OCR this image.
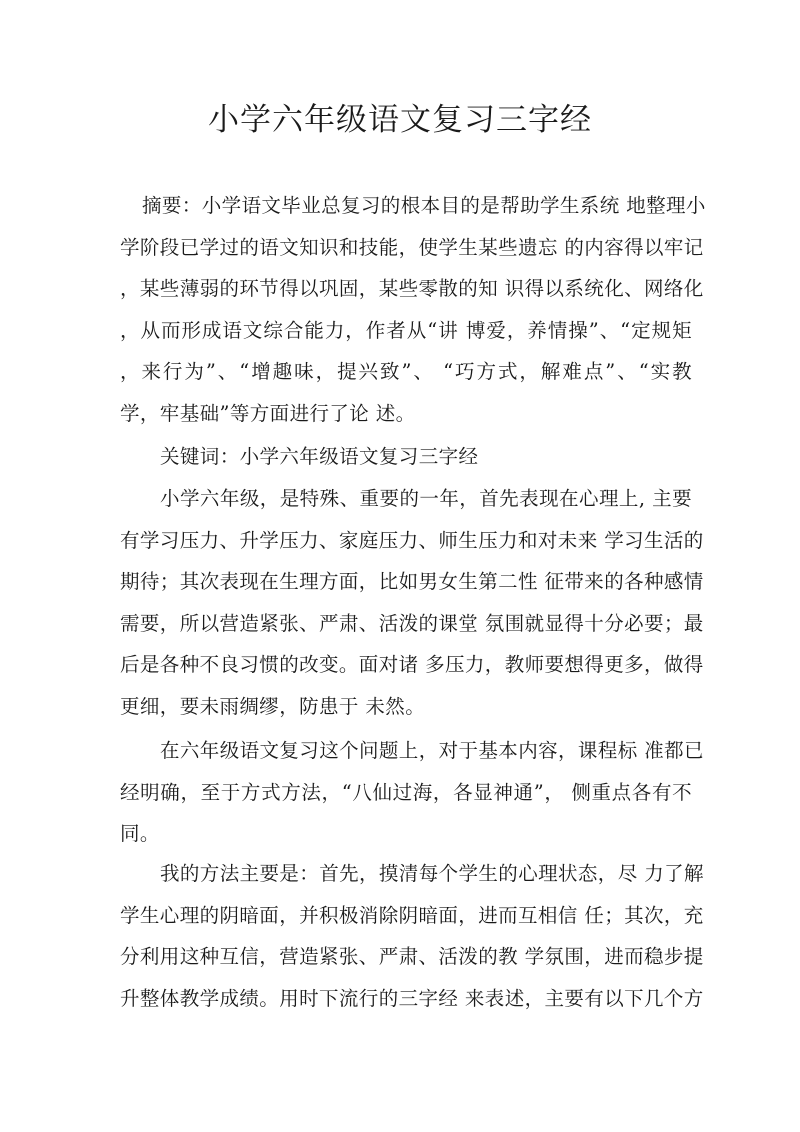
小学六年级语文复习三字经
摘要：小学语文毕业总复习的根本目的是帮助学生系统 地整理小
学阶段已学过的语文知识和技能，使学生某些遗忘 的内容得以牢记
，某些薄弱的环节得以巩固，某些零散的知 识得以系统化、网络化
，从而形成语文综合能力，作者从“讲 博爱，养情操”、“定规矩
，来行为”、“增趣味，提兴致”、 “巧方式，解难点”、“实教
学，牢基础”等方面进行了论 述。
关键词：小学六年级语文复习三字经
小学六年级，是特殊、重要的一年，首先表现在心理上, 主要
有学习压力、升学压力、家庭压力、师生压力和对未来 学习生活的
期待；其次表现在生理方面，比如男女生第二性 征带来的各种感情
需要，所以营造紧张、严肃、活泼的课堂 氛围就显得十分必要；最
后是各种不良习惯的改变。面对诸 多压力，教师要想得更多，做得
更细，要未雨绸缪，防患于 未然。
在六年级语文复习这个问题上，对于基本内容，课程标 准都已
经明确，至于方式方法，“八仙过海，各显神通”， 侧重点各有不
同。
我的方法主要是：首先，摸清每个学生的心理状态，尽 力了解
学生心理的阴暗面，并积极消除阴暗面，进而互相信 任；其次，充
分利用这种互信，营造紧张、严肃、活泼的教 学氛围，进而稳步提
升整体教学成绩。用时下流行的三字经 来表述，主要有以下几个方
